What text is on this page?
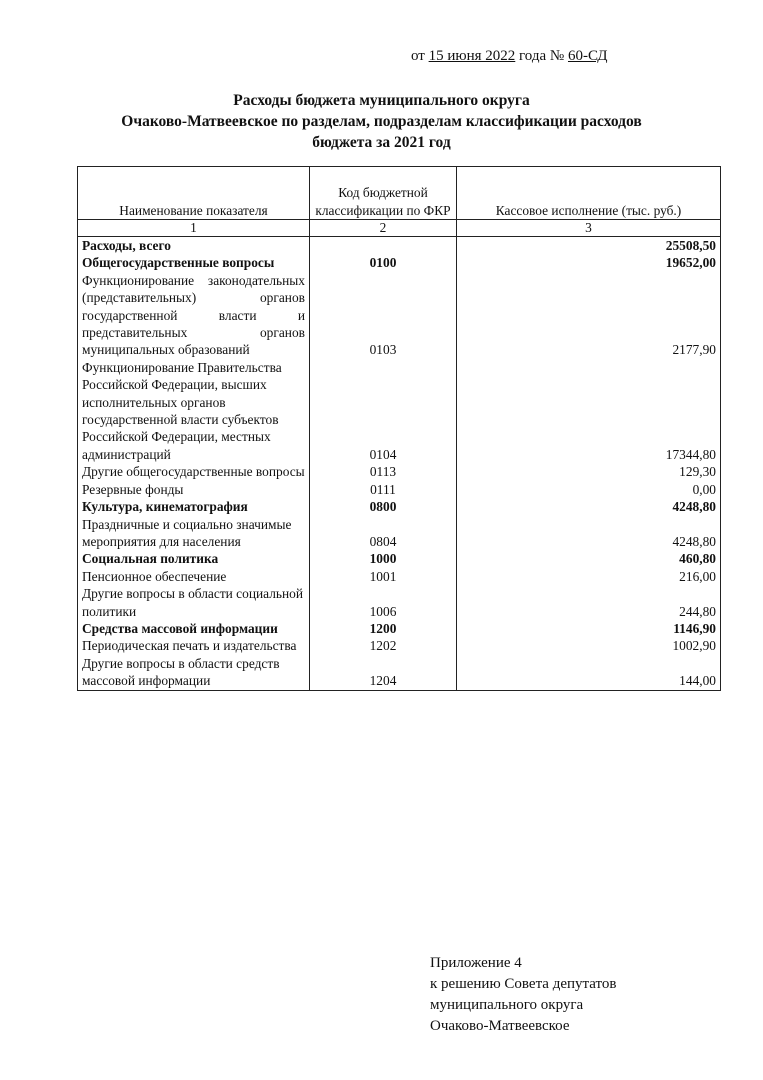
от 15 июня 2022 года № 60-СД
Расходы бюджета муниципального округа
Очаково-Матвеевское по разделам, подразделам классификации расходов
бюджета за 2021 год
Наименование показателя	Код бюджетной классификации по ФКР	Кассовое исполнение (тыс. руб.)
1	2	3
Расходы, всего		25508,50
Общегосударственные вопросы	0100	19652,00
Функционирование законодательных (представительных) органов государственной власти и представительных органов муниципальных образований	0103	2177,90
Функционирование Правительства Российской Федерации, высших исполнительных органов государственной власти субъектов Российской Федерации, местных администраций	0104	17344,80
Другие общегосударственные вопросы	0113	129,30
Резервные фонды	0111	0,00
Культура, кинематография	0800	4248,80
Праздничные и социально значимые мероприятия для населения	0804	4248,80
Социальная политика	1000	460,80
Пенсионное обеспечение	1001	216,00
Другие вопросы в области социальной политики	1006	244,80
Средства массовой информации	1200	1146,90
Периодическая печать и издательства	1202	1002,90
Другие вопросы в области средств массовой информации	1204	144,00
Приложение 4
к решению Совета депутатов
муниципального округа
Очаково-Матвеевское
